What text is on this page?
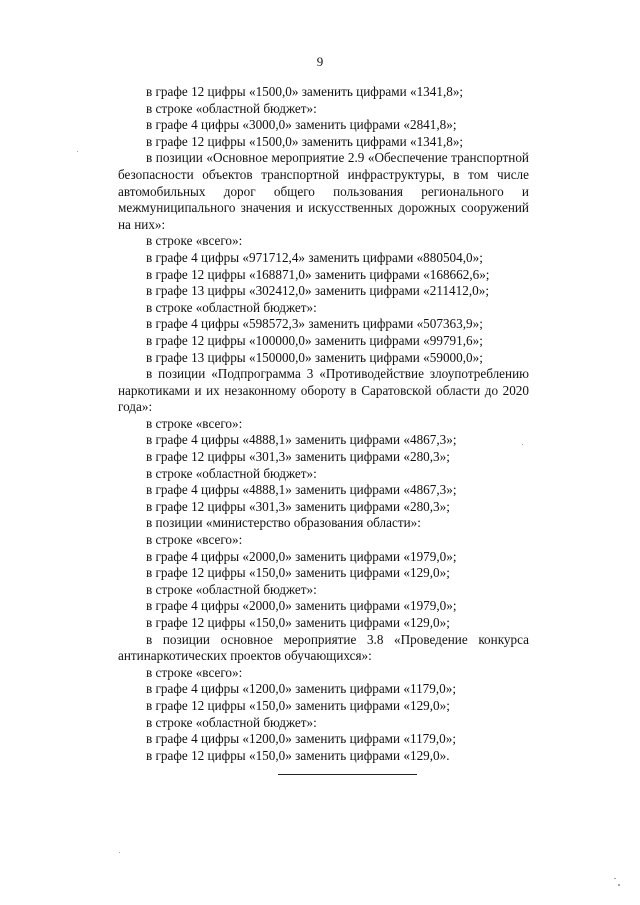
9

в графе 12 цифры «1500,0» заменить цифрами «1341,8»;

в строке «областной бюджет»:

в графе 4 цифры «3000,0» заменить цифрами «2841,8»;

в графе 12 цифры «1500,0» заменить цифрами «1341,8»;

в позиции «Основное мероприятие 2.9 «Обеспечение транспортной безопасности объектов транспортной инфраструктуры, в том числе автомобильных дорог общего пользования регионального и межмуниципального значения и искусственных дорожных сооружений на них»:

в строке «всего»:

в графе 4 цифры «971712,4» заменить цифрами «880504,0»;

в графе 12 цифры «168871,0» заменить цифрами «168662,6»;

в графе 13 цифры «302412,0» заменить цифрами «211412,0»;

в строке «областной бюджет»:

в графе 4 цифры «598572,3» заменить цифрами «507363,9»;

в графе 12 цифры «100000,0» заменить цифрами «99791,6»;

в графе 13 цифры «150000,0» заменить цифрами «59000,0»;

в позиции «Подпрограмма 3 «Противодействие злоупотреблению наркотиками и их незаконному обороту в Саратовской области до 2020 года»:

в строке «всего»:

в графе 4 цифры «4888,1» заменить цифрами «4867,3»;

в графе 12 цифры «301,3» заменить цифрами «280,3»;

в строке «областной бюджет»:

в графе 4 цифры «4888,1» заменить цифрами «4867,3»;

в графе 12 цифры «301,3» заменить цифрами «280,3»;

в позиции «министерство образования области»:

в строке «всего»:

в графе 4 цифры «2000,0» заменить цифрами «1979,0»;

в графе 12 цифры «150,0» заменить цифрами «129,0»;

в строке «областной бюджет»:

в графе 4 цифры «2000,0» заменить цифрами «1979,0»;

в графе 12 цифры «150,0» заменить цифрами «129,0»;

в позиции основное мероприятие 3.8 «Проведение конкурса антинаркотических проектов обучающихся»:

в строке «всего»:

в графе 4 цифры «1200,0» заменить цифрами «1179,0»;

в графе 12 цифры «150,0» заменить цифрами «129,0»;

в строке «областной бюджет»:

в графе 4 цифры «1200,0» заменить цифрами «1179,0»;

в графе 12 цифры «150,0» заменить цифрами «129,0».
